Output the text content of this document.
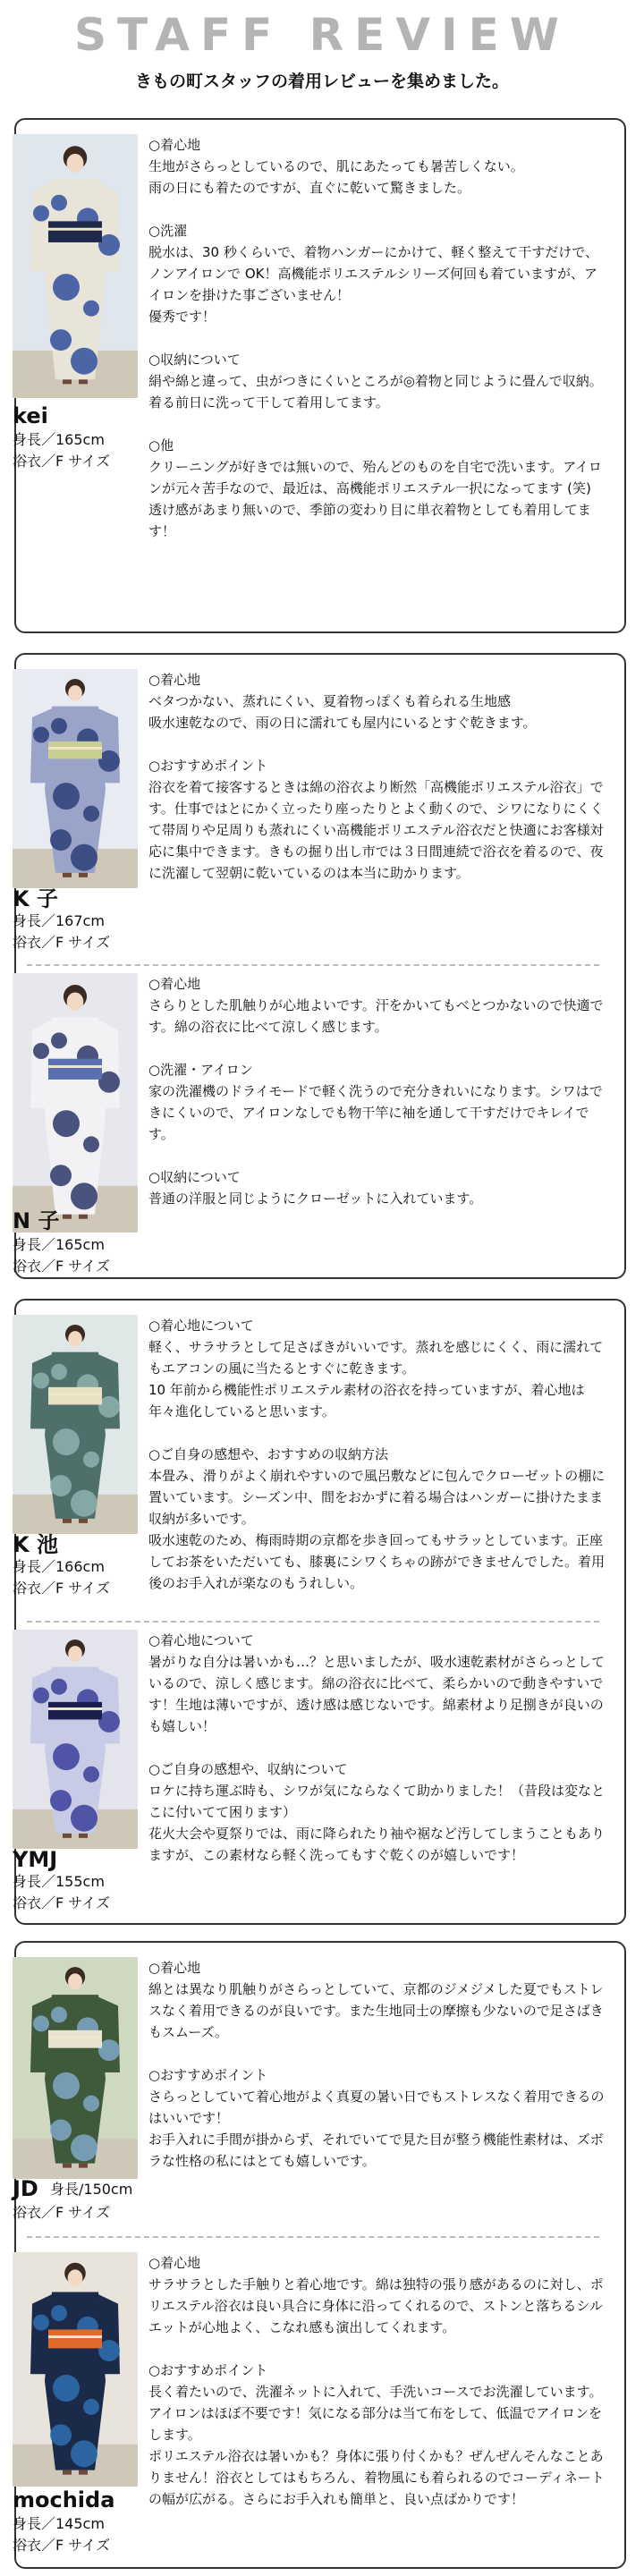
STAFF REVIEW
きもの町スタッフの着用レビューを集めました。
kei
身長／165cm
浴衣／F サイズ

○着心地

生地がさらっとしているので、肌にあたっても暑苦しくない。

雨の日にも着たのですが、直ぐに乾いて驚きました。

○洗濯

脱水は、30 秒くらいで、着物ハンガーにかけて、軽く整えて干すだけで、ノンアイロンで OK！高機能ポリエステルシリーズ何回も着ていますが、アイロンを掛けた事ございません！

優秀です！

○収納について

絹や綿と違って、虫がつきにくいところが◎着物と同じように畳んで収納。着る前日に洗って干して着用してます。

○他

クリーニングが好きでは無いので、殆んどのものを自宅で洗います。アイロンが元々苦手なので、最近は、高機能ポリエステル一択になってます (笑)

透け感があまり無いので、季節の変わり目に単衣着物としても着用してます！

K 子
身長／167cm
浴衣／F サイズ

○着心地

ベタつかない、蒸れにくい、夏着物っぽくも着られる生地感

吸水速乾なので、雨の日に濡れても屋内にいるとすぐ乾きます。

○おすすめポイント

浴衣を着て接客するときは綿の浴衣より断然「高機能ポリエステル浴衣」です。仕事ではとにかく立ったり座ったりとよく動くので、シワになりにくくて帯周りや足周りも蒸れにくい高機能ポリエステル浴衣だと快適にお客様対応に集中できます。きもの掘り出し市では３日間連続で浴衣を着るので、夜に洗濯して翌朝に乾いているのは本当に助かります。

N 子
身長／165cm
浴衣／F サイズ

○着心地

さらりとした肌触りが心地よいです。汗をかいてもべとつかないので快適です。綿の浴衣に比べて涼しく感じます。

○洗濯・アイロン

家の洗濯機のドライモードで軽く洗うので充分きれいになります。シワはできにくいので、アイロンなしでも物干竿に袖を通して干すだけでキレイです。

○収納について

普通の洋服と同じようにクローゼットに入れています。

K 池
身長／166cm
浴衣／F サイズ

○着心地について

軽く、サラサラとして足さばきがいいです。蒸れを感じにくく、雨に濡れてもエアコンの風に当たるとすぐに乾きます。

10 年前から機能性ポリエステル素材の浴衣を持っていますが、着心地は年々進化していると思います。

○ご自身の感想や、おすすめの収納方法

本畳み、滑りがよく崩れやすいので風呂敷などに包んでクローゼットの棚に置いています。シーズン中、間をおかずに着る場合はハンガーに掛けたまま収納が多いです。

吸水速乾のため、梅雨時期の京都を歩き回ってもサラッとしています。正座してお茶をいただいても、膝裏にシワくちゃの跡ができませんでした。着用後のお手入れが楽なのもうれしい。

YMJ
身長／155cm
浴衣／F サイズ

○着心地について

暑がりな自分は暑いかも…？と思いましたが、吸水速乾素材がさらっとしているので、涼しく感じます。綿の浴衣に比べて、柔らかいので動きやすいです！生地は薄いですが、透け感は感じないです。綿素材より足捌きが良いのも嬉しい！

○ご自身の感想や、収納について

ロケに持ち運ぶ時も、シワが気にならなくて助かりました！（昔段は変なとこに付いてて困ります）

花火大会や夏祭りでは、雨に降られたり袖や裾など汚してしまうこともありますが、この素材なら軽く洗ってもすぐ乾くのが嬉しいです！

JD 身長/150cm
浴衣／F サイズ

○着心地

綿とは異なり肌触りがさらっとしていて、京都のジメジメした夏でもストレスなく着用できるのが良いです。また生地同士の摩擦も少ないので足さばきもスムーズ。

○おすすめポイント

さらっとしていて着心地がよく真夏の暑い日でもストレスなく着用できるのはいいです！

お手入れに手間が掛からず、それでいてで見た目が整う機能性素材は、ズボラな性格の私にはとても嬉しいです。

mochida
身長／145cm
浴衣／F サイズ

○着心地

サラサラとした手触りと着心地です。綿は独特の張り感があるのに対し、ポリエステル浴衣は良い具合に身体に沿ってくれるので、ストンと落ちるシルエットが心地よく、こなれ感も演出してくれます。

○おすすめポイント

長く着たいので、洗濯ネットに入れて、手洗いコースでお洗濯しています。アイロンはほぼ不要です！気になる部分は当て布をして、低温でアイロンをします。

ポリエステル浴衣は暑いかも？身体に張り付くかも？ぜんぜんそんなことありません！浴衣としてはもちろん、着物風にも着られるのでコーディネートの幅が広がる。さらにお手入れも簡単と、良い点ばかりです！
